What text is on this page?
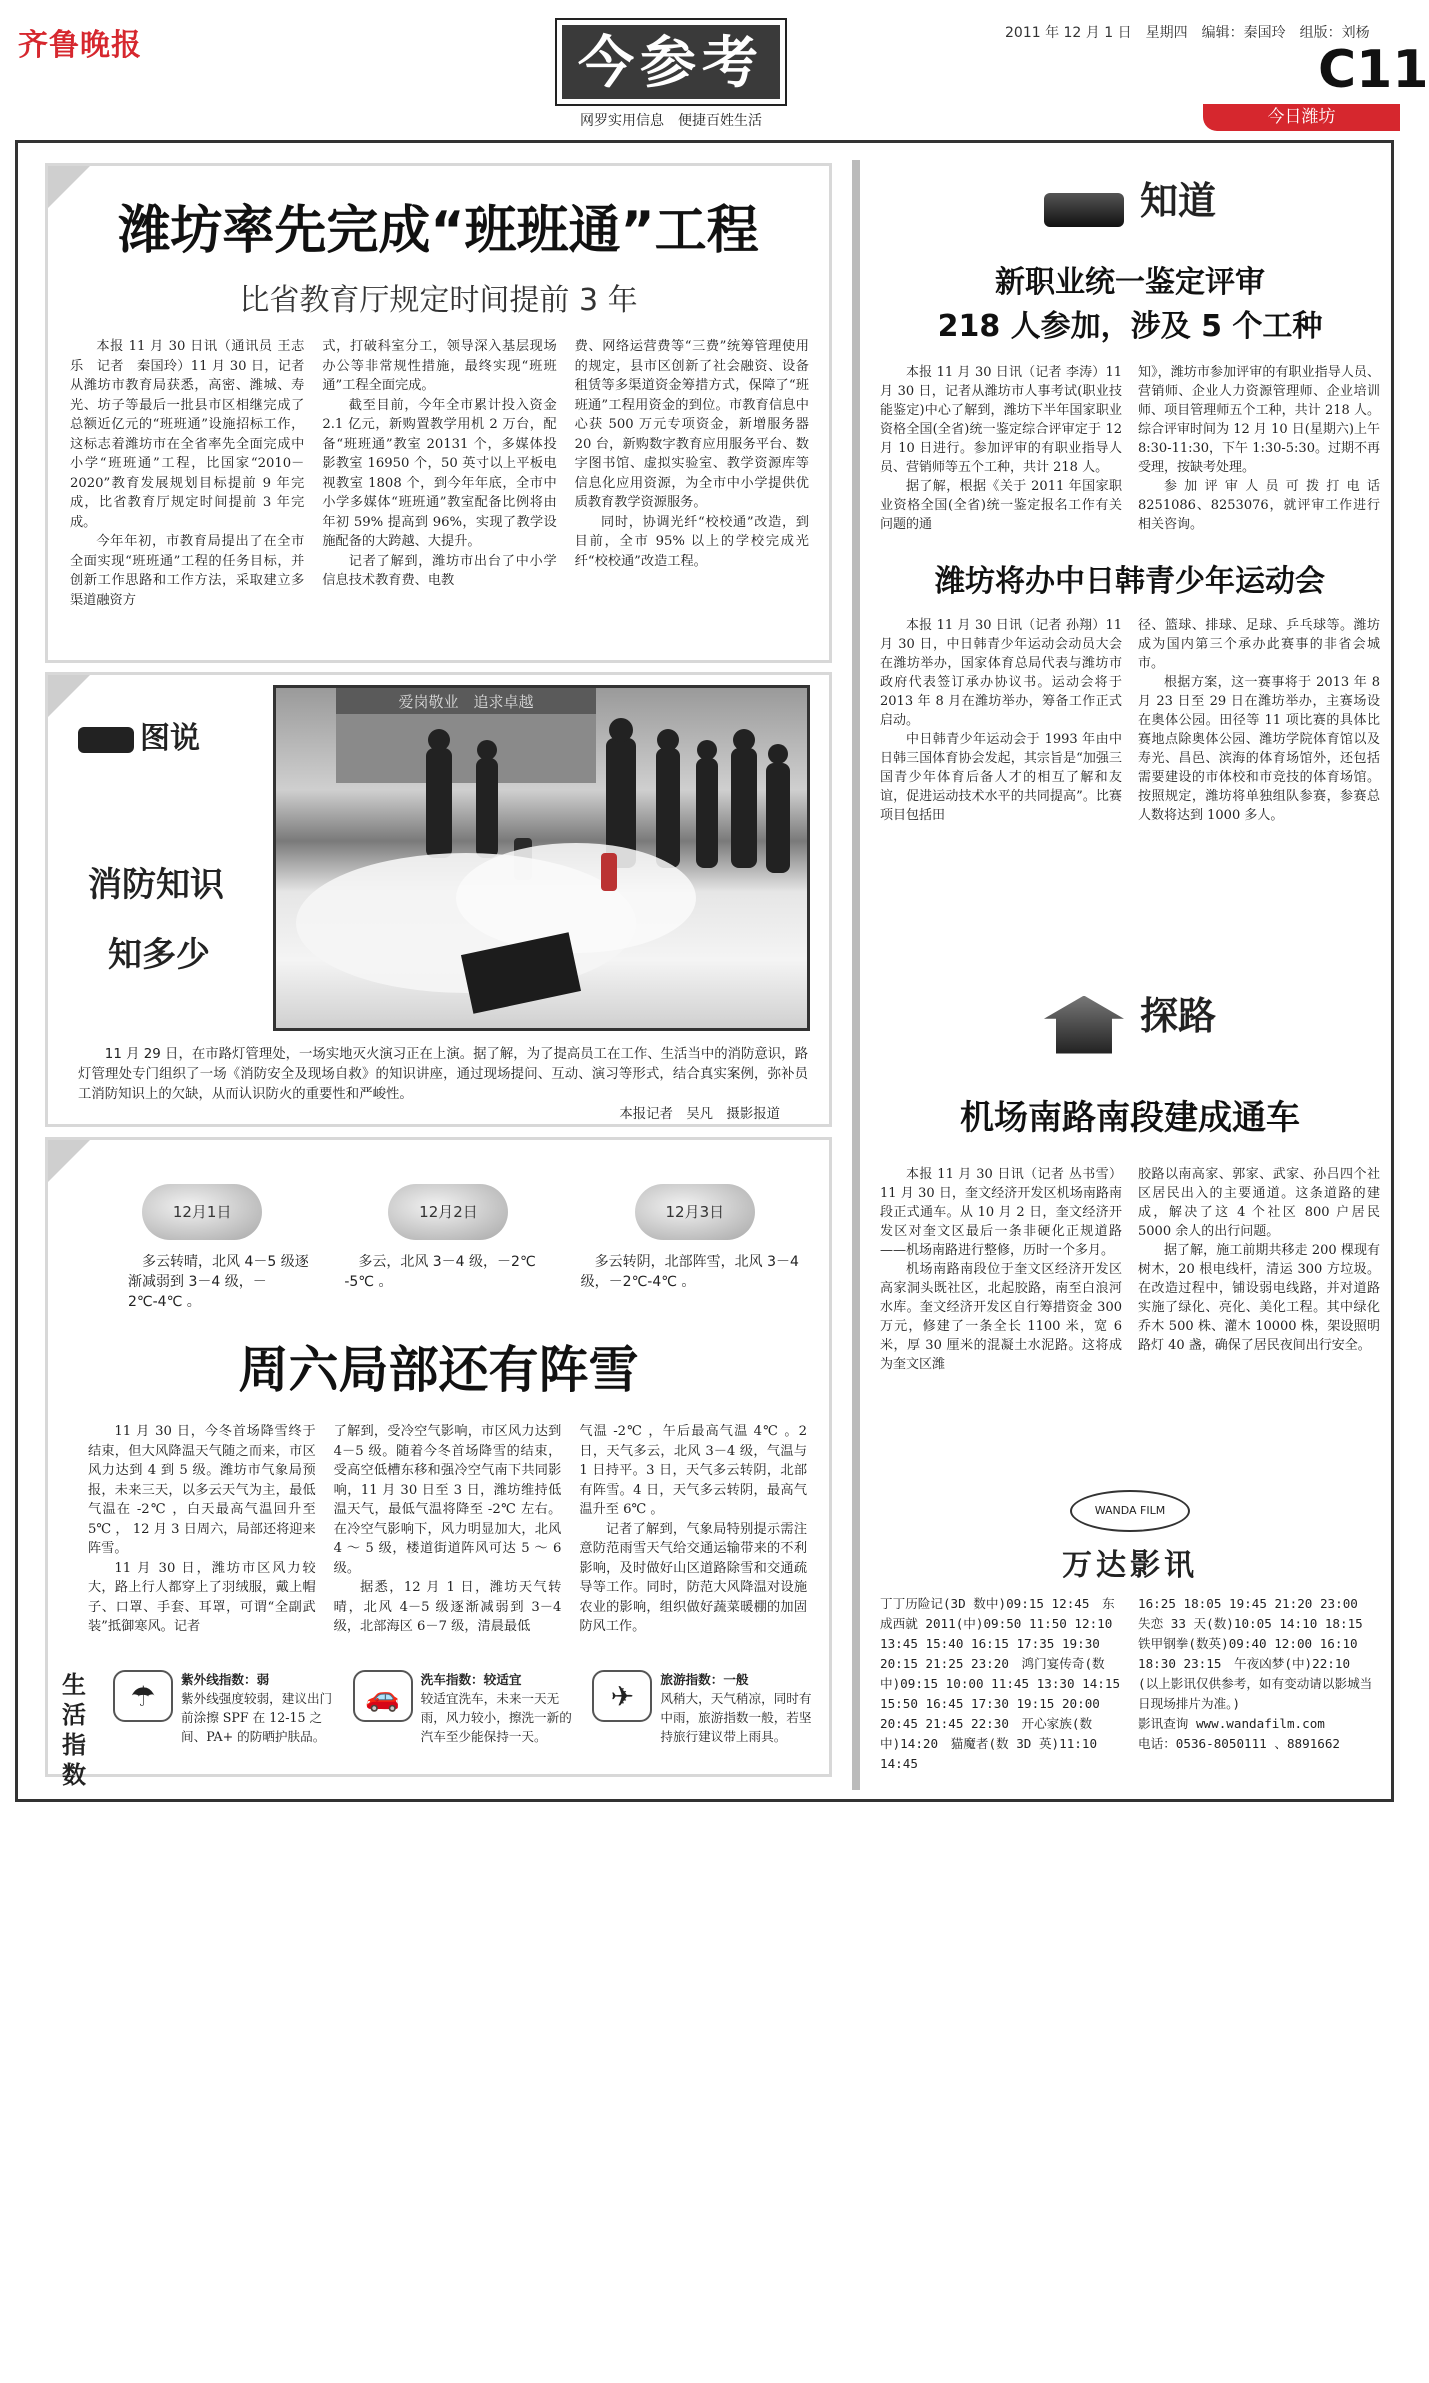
齐鲁晚报	今参考
网罗实用信息　便捷百姓生活
2011 年 12 月 1 日　星期四　编辑：秦国玲　组版：刘杨
C11
今日潍坊
潍坊率先完成“班班通”工程
比省教育厅规定时间提前 3 年

本报 11 月 30 日讯（通讯员 王志乐　记者　秦国玲）11 月 30 日，记者从潍坊市教育局获悉，高密、潍城、寿光、坊子等最后一批县市区相继完成了总额近亿元的“班班通”设施招标工作，这标志着潍坊市在全省率先全面完成中小学“班班通”工程，比国家“2010－2020”教育发展规划目标提前 9 年完成，比省教育厅规定时间提前 3 年完成。

今年年初，市教育局提出了在全市全面实现“班班通”工程的任务目标，并创新工作思路和工作方法，采取建立多渠道融资方

式，打破科室分工，领导深入基层现场办公等非常规性措施，最终实现“班班通”工程全面完成。

截至目前，今年全市累计投入资金 2.1 亿元，新购置教学用机 2 万台，配备“班班通”教室 20131 个，多媒体投影教室 16950 个，50 英寸以上平板电视教室 1808 个，到今年年底，全市中小学多媒体“班班通”教室配备比例将由年初 59% 提高到 96%，实现了教学设施配备的大跨越、大提升。

记者了解到，潍坊市出台了中小学信息技术教育费、电教

费、网络运营费等“三费”统筹管理使用的规定，县市区创新了社会融资、设备租赁等多渠道资金筹措方式，保障了“班班通”工程用资金的到位。市教育信息中心获 500 万元专项资金，新增服务器 20 台，新购数字教育应用服务平台、数字图书馆、虚拟实验室、教学资源库等信息化应用资源，为全市中小学提供优质教育教学资源服务。

同时，协调光纤“校校通”改造，到目前，全市 95% 以上的学校完成光纤“校校通”改造工程。

图说
消防知识
知多少
爱岗敬业　追求卓越

11 月 29 日，在市路灯管理处，一场实地灭火演习正在上演。据了解，为了提高员工在工作、生活当中的消防意识，路灯管理处专门组织了一场《消防安全及现场自救》的知识讲座，通过现场提问、互动、演习等形式，结合真实案例，弥补员工消防知识上的欠缺，从而认识防火的重要性和严峻性。

本报记者　吴凡　摄影报道
12月1日
多云转晴，北风 4－5 级逐渐减弱到 3－4 级，－2℃-4℃ 。
12月2日
多云，北风 3－4 级，－2℃ -5℃ 。
12月3日
多云转阴，北部阵雪，北风 3－4 级，－2℃-4℃ 。
周六局部还有阵雪

11 月 30 日，今冬首场降雪终于结束，但大风降温天气随之而来，市区风力达到 4 到 5 级。潍坊市气象局预报，未来三天，以多云天气为主，最低气温在 -2℃ ，白天最高气温回升至 5℃ ， 12 月 3 日周六，局部还将迎来阵雪。

11 月 30 日，潍坊市区风力较大，路上行人都穿上了羽绒服，戴上帽子、口罩、手套、耳罩，可谓“全副武装”抵御寒风。记者

了解到，受冷空气影响，市区风力达到 4－5 级。随着今冬首场降雪的结束，受高空低槽东移和强冷空气南下共同影响，11 月 30 日至 3 日，潍坊维持低温天气，最低气温将降至 -2℃ 左右。在冷空气影响下，风力明显加大，北风 4 ～ 5 级，楼道街道阵风可达 5 ～ 6 级。

据悉，12 月 1 日，潍坊天气转晴，北风 4－5 级逐渐减弱到 3－4 级，北部海区 6－7 级，清晨最低

气温 -2℃ ，午后最高气温 4℃ 。2 日，天气多云，北风 3－4 级，气温与 1 日持平。3 日，天气多云转阴，北部有阵雪。4 日，天气多云转阴，最高气温升至 6℃ 。

记者了解到，气象局特别提示需注意防范雨雪天气给交通运输带来的不利影响，及时做好山区道路除雪和交通疏导等工作。同时，防范大风降温对设施农业的影响，组织做好蔬菜暖棚的加固防风工作。

生活指数
☂	紫外线指数：弱
紫外线强度较弱，建议出门前涂擦 SPF 在 12-15 之间、PA+ 的防晒护肤品。
🚗	洗车指数：较适宜
较适宜洗车，未来一天无雨，风力较小，擦洗一新的汽车至少能保持一天。
✈	旅游指数：一般
风稍大，天气稍凉，同时有中雨，旅游指数一般，若坚持旅行建议带上雨具。
知道
新职业统一鉴定评审
218 人参加，涉及 5 个工种

本报 11 月 30 日讯（记者 李涛）11 月 30 日，记者从潍坊市人事考试(职业技能鉴定)中心了解到，潍坊下半年国家职业资格全国(全省)统一鉴定综合评审定于 12 月 10 日进行。参加评审的有职业指导人员、营销师等五个工种，共计 218 人。

据了解，根据《关于 2011 年国家职业资格全国(全省)统一鉴定报名工作有关问题的通

知》，潍坊市参加评审的有职业指导人员、营销师、企业人力资源管理师、企业培训师、项目管理师五个工种，共计 218 人。综合评审时间为 12 月 10 日(星期六)上午 8:30-11:30，下午 1:30-5:30。过期不再受理，按缺考处理。

参加评审人员可拨打电话 8251086、8253076，就评审工作进行相关咨询。

潍坊将办中日韩青少年运动会

本报 11 月 30 日讯（记者 孙翔）11 月 30 日，中日韩青少年运动会动员大会在潍坊举办，国家体育总局代表与潍坊市政府代表签订承办协议书。运动会将于 2013 年 8 月在潍坊举办，筹备工作正式启动。

中日韩青少年运动会于 1993 年由中日韩三国体育协会发起，其宗旨是“加强三国青少年体育后备人才的相互了解和友谊，促进运动技术水平的共同提高”。比赛项目包括田

径、篮球、排球、足球、乒乓球等。潍坊成为国内第三个承办此赛事的非省会城市。

根据方案，这一赛事将于 2013 年 8 月 23 日至 29 日在潍坊举办，主赛场设在奥体公园。田径等 11 项比赛的具体比赛地点除奥体公园、潍坊学院体育馆以及寿光、昌邑、滨海的体育场馆外，还包括需要建设的市体校和市竞技的体育场馆。按照规定，潍坊将单独组队参赛，参赛总人数将达到 1000 多人。

探路
机场南路南段建成通车

本报 11 月 30 日讯（记者 丛书雪）11 月 30 日，奎文经济开发区机场南路南段正式通车。从 10 月 2 日，奎文经济开发区对奎文区最后一条非硬化正规道路——机场南路进行整修，历时一个多月。

机场南路南段位于奎文区经济开发区高家洞头既社区，北起胶路，南至白浪河水库。奎文经济开发区自行筹措资金 300 万元，修建了一条全长 1100 米，宽 6 米，厚 30 厘米的混凝土水泥路。这将成为奎文区潍

胶路以南高家、郭家、武家、孙吕四个社区居民出入的主要通道。这条道路的建成，解决了这 4 个社区 800 户居民 5000 余人的出行问题。

据了解，施工前期共移走 200 棵现有树木，20 根电线杆，清运 300 方垃圾。在改造过程中，铺设弱电线路，并对道路实施了绿化、亮化、美化工程。其中绿化乔木 500 株、灌木 10000 株，架设照明路灯 40 盏，确保了居民夜间出行安全。

WANDA FILM
万达影讯
丁丁历险记(3D 数中)09:15 12:45　东成西就 2011(中)09:50 11:50 12:10 13:45 15:40 16:15 17:35 19:30 20:15 21:25 23:20　鸿门宴传奇(数中)09:15 10:00 11:45 13:30 14:15 15:50 16:45 17:30 19:15 20:00 20:45 21:45 22:30　开心家族(数中)14:20　猫魔者(数 3D 英)11:10 14:45
16:25 18:05 19:45 21:20 23:00　失恋 33 天(数)10:05 14:10 18:15　铁甲钢拳(数英)09:40 12:00 16:10 18:30 23:15　午夜凶梦(中)22:10
(以上影讯仅供参考，如有变动请以影城当日现场排片为准。)
影讯查询 www.wandafilm.com
电话：0536-8050111 、8891662
